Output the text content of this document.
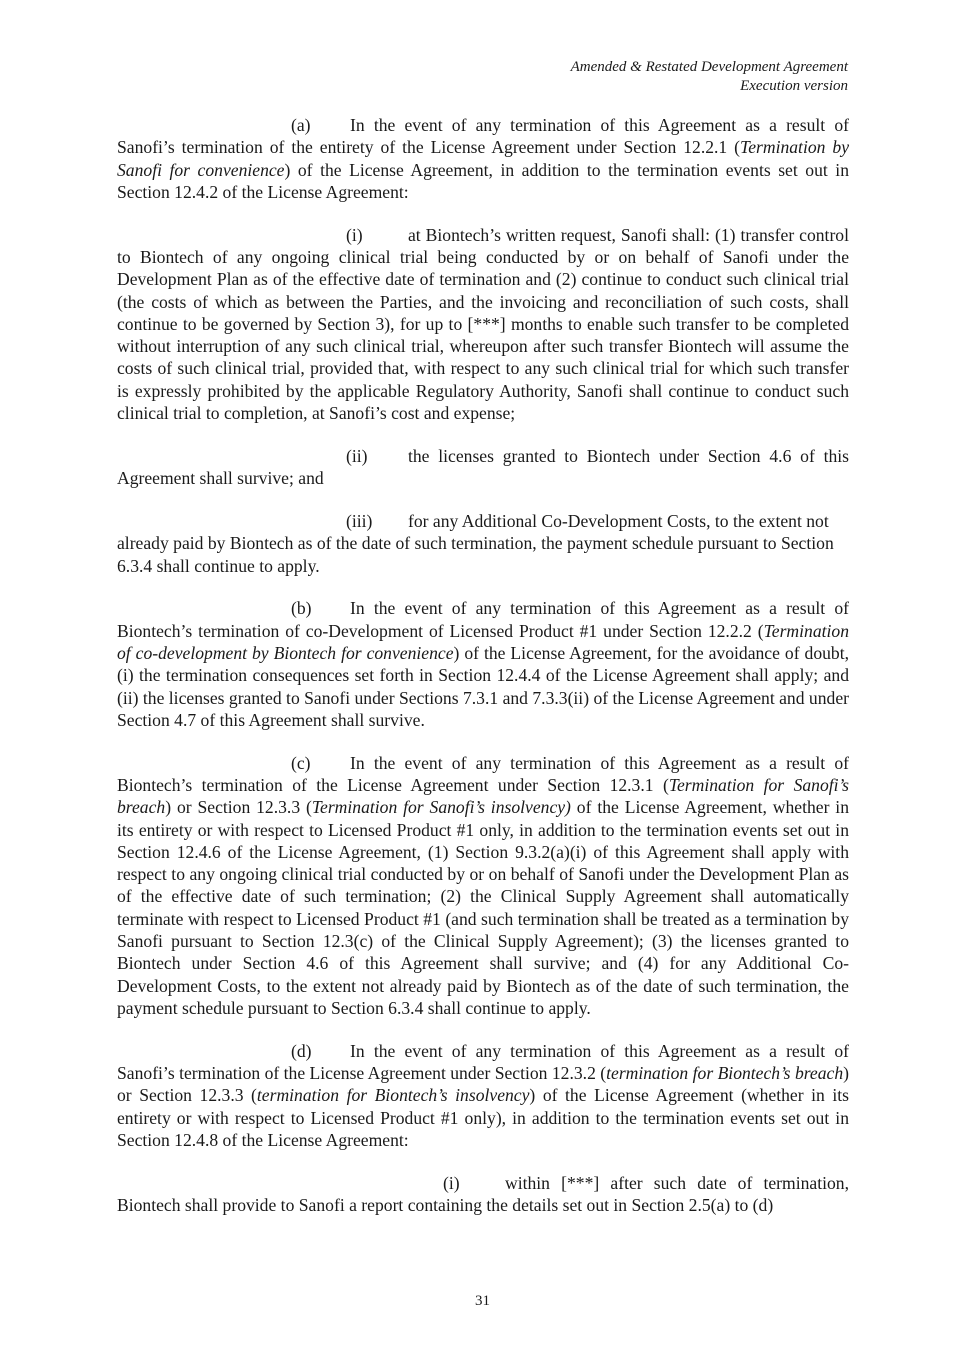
Amended & Restated Development Agreement
Execution version

(a) In the event of any termination of this Agreement as a result of Sanofi’s termination of the entirety of the License Agreement under Section 12.2.1 (Termination by Sanofi for convenience) of the License Agreement, in addition to the termination events set out in Section 12.4.2 of the License Agreement:

(i)	at Biontech’s written request, Sanofi shall: (1) transfer control to Biontech of any ongoing clinical trial being conducted by or on behalf of Sanofi under the Development Plan as of the effective date of termination and (2) continue to conduct such clinical trial (the costs of which as between the Parties, and the invoicing and reconciliation of such costs, shall continue to be governed by Section 3), for up to [***] months to enable such transfer to be completed without interruption of any such clinical trial, whereupon after such transfer Biontech will assume the costs of such clinical trial, provided that, with respect to any such clinical trial for which such transfer is expressly prohibited by the applicable Regulatory Authority, Sanofi shall continue to conduct such clinical trial to completion, at Sanofi’s cost and expense;

(ii) the licenses granted to Biontech under Section 4.6 of this Agreement shall survive; and

(iii) for any Additional Co-Development Costs, to the extent not already paid by Biontech as of the date of such termination, the payment schedule pursuant to Section 6.3.4 shall continue to apply.

(b) In the event of any termination of this Agreement as a result of Biontech’s termination of co-Development of Licensed Product #1 under Section 12.2.2 (Termination of co-development by Biontech for convenience) of the License Agreement, for the avoidance of doubt, (i) the termination consequences set forth in Section 12.4.4 of the License Agreement shall apply; and (ii) the licenses granted to Sanofi under Sections 7.3.1 and 7.3.3(ii) of the License Agreement and under Section 4.7 of this Agreement shall survive.

(c) In the event of any termination of this Agreement as a result of Biontech’s termination of the License Agreement under Section 12.3.1 (Termination for Sanofi’s breach) or Section 12.3.3 (Termination for Sanofi’s insolvency) of the License Agreement, whether in its entirety or with respect to Licensed Product #1 only, in addition to the termination events set out in Section 12.4.6 of the License Agreement, (1) Section 9.3.2(a)(i) of this Agreement shall apply with respect to any ongoing clinical trial conducted by or on behalf of Sanofi under the Development Plan as of the effective date of such termination; (2) the Clinical Supply Agreement shall automatically terminate with respect to Licensed Product #1 (and such termination shall be treated as a termination by Sanofi pursuant to Section 12.3(c) of the Clinical Supply Agreement); (3) the licenses granted to Biontech under Section 4.6 of this Agreement shall survive; and (4) for any Additional Co-Development Costs, to the extent not already paid by Biontech as of the date of such termination, the payment schedule pursuant to Section 6.3.4 shall continue to apply.

(d) In the event of any termination of this Agreement as a result of Sanofi’s termination of the License Agreement under Section 12.3.2 (termination for Biontech’s breach) or Section 12.3.3 (termination for Biontech’s insolvency) of the License Agreement (whether in its entirety or with respect to Licensed Product #1 only), in addition to the termination events set out in Section 12.4.8 of the License Agreement:

(i)	within [***] after such date of termination, Biontech shall provide to Sanofi a report containing the details set out in Section 2.5(a) to (d)

31
